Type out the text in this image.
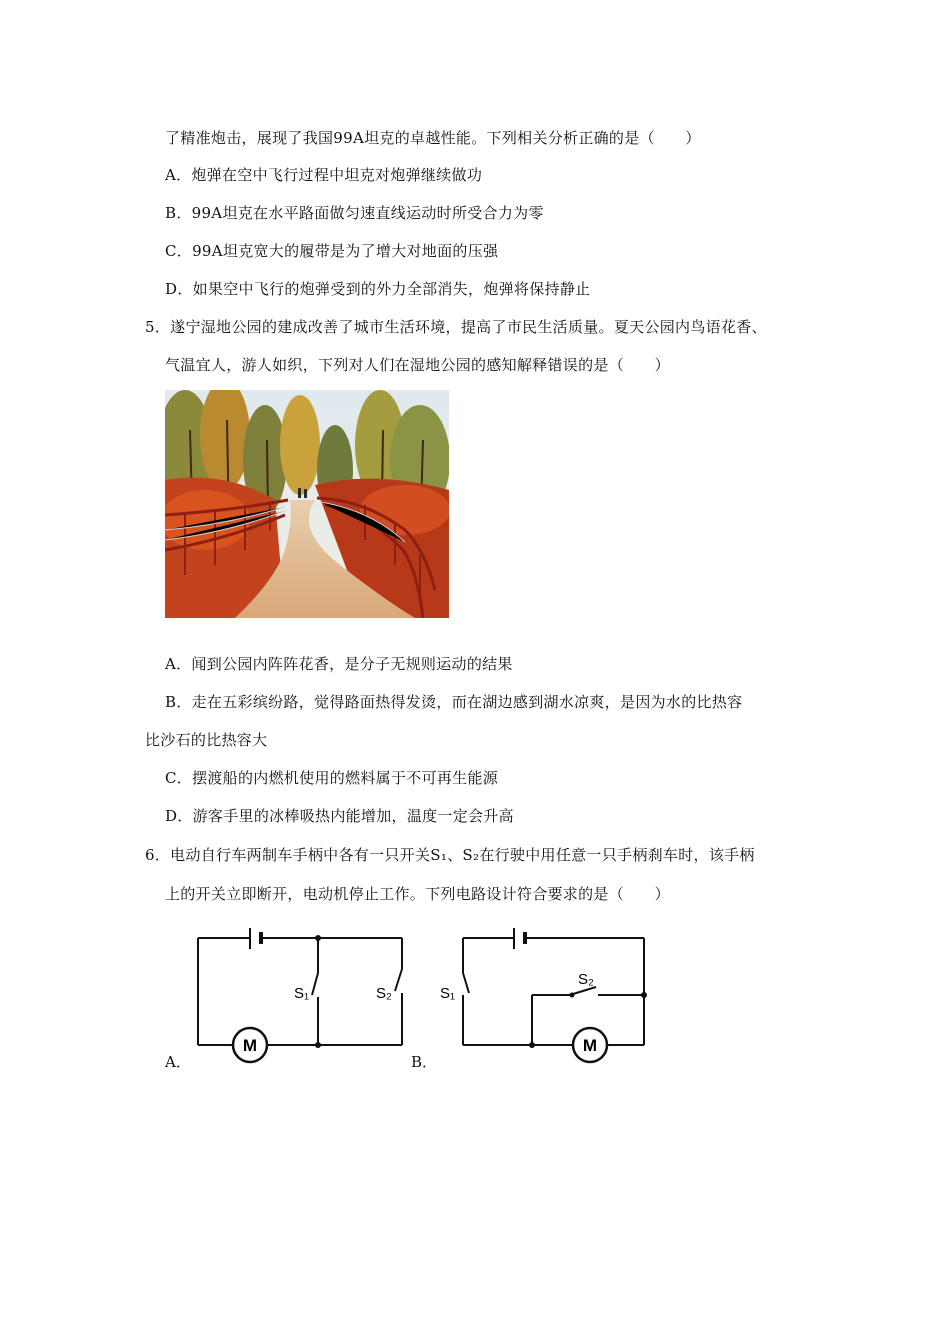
了精准炮击，展现了我国99A坦克的卓越性能。下列相关分析正确的是（　　）
A．炮弹在空中飞行过程中坦克对炮弹继续做功
B．99A坦克在水平路面做匀速直线运动时所受合力为零
C．99A坦克宽大的履带是为了增大对地面的压强
D．如果空中飞行的炮弹受到的外力全部消失，炮弹将保持静止
5．遂宁湿地公园的建成改善了城市生活环境，提高了市民生活质量。夏天公园内鸟语花香、
气温宜人，游人如织，下列对人们在湿地公园的感知解释错误的是（　　）
A．闻到公园内阵阵花香，是分子无规则运动的结果
B．走在五彩缤纷路，觉得路面热得发烫，而在湖边感到湖水凉爽，是因为水的比热容
比沙石的比热容大
C．摆渡船的内燃机使用的燃料属于不可再生能源
D．游客手里的冰棒吸热内能增加，温度一定会升高
6．电动自行车两制车手柄中各有一只开关S₁、S₂在行驶中用任意一只手柄刹车时，该手柄
上的开关立即断开，电动机停止工作。下列电路设计符合要求的是（　　）
M
S₁	S₂
A．
M
S₁
S₂
B．
